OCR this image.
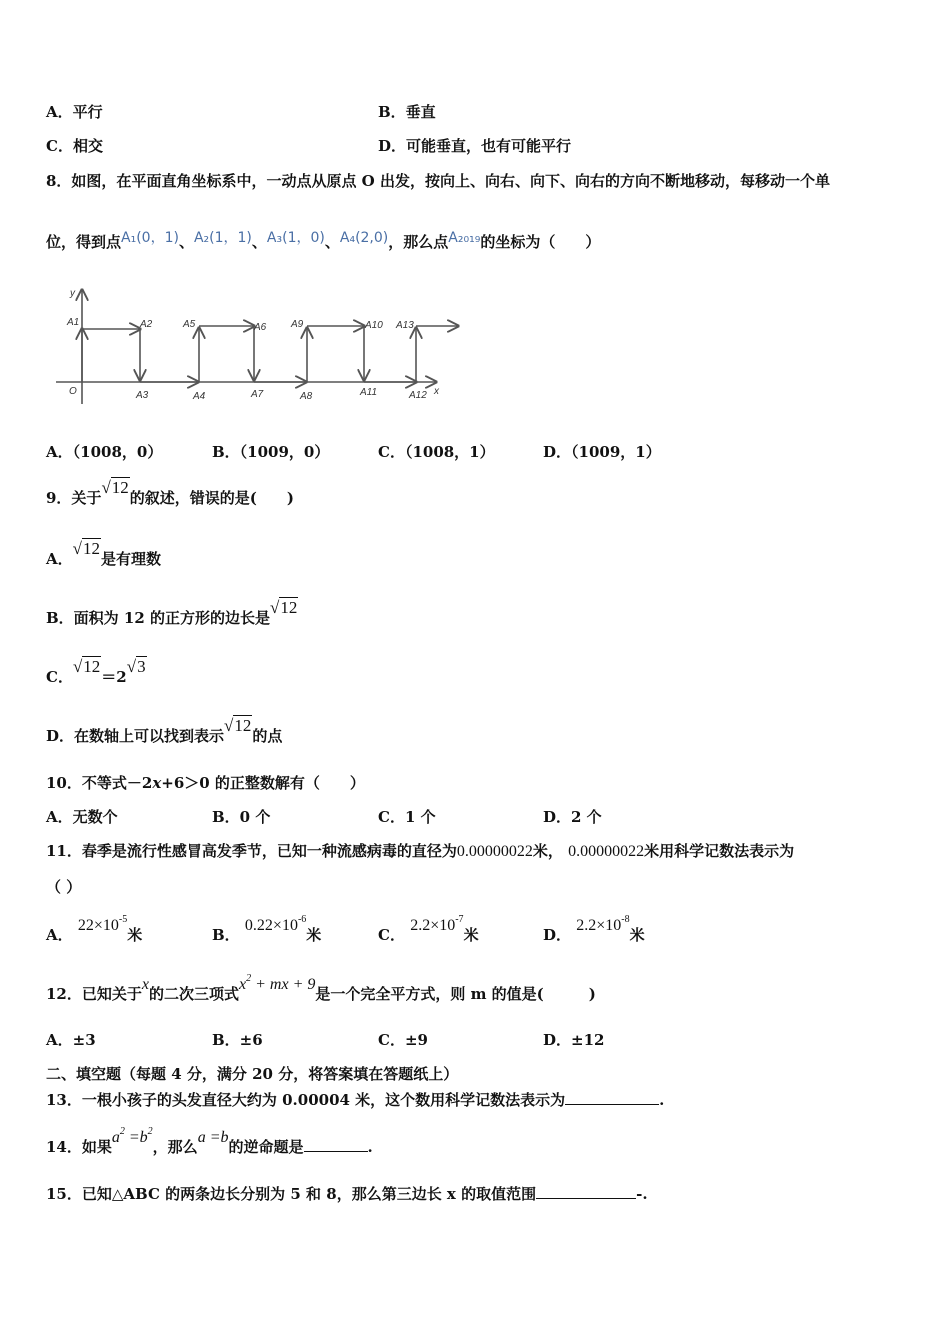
A．平行	B．垂直
C．相交	D．可能垂直，也有可能平行
8．如图，在平面直角坐标系中，一动点从原点 O 出发，按向上、向右、向下、向右的方向不断地移动，每移动一个单
位，得到点A₁(0，1)、A₂(1，1)、A₃(1，0)、A₄(2,0)，那么点A₂₀₁₉的坐标为（　　）
y
x
O
A1	A2	A5	A6 A9	A10 A13
A3	A4	A7	A8	A11	A12
A．（1008，0）	B．（1009，0）	C．（1008，1）	D．（1009，1）
9．关于√12的叙述，错误的是(　　)
A．√12是有理数
B．面积为 12 的正方形的边长是√12
C．√12＝2√3
D．在数轴上可以找到表示√12的点
10．不等式－2x+6＞0 的正整数解有（　　）
A．无数个	B．0 个	C．1 个	D．2 个
11．春季是流行性感冒高发季节，已知一种流感病毒的直径为0.00000022米， 0.00000022米用科学记数法表示为
（ ）
A． $22\times 10^{-5}$米	B． $0.22\times 10^{-6}$米	C． $2.2\times 10^{-7}$米	D． $2.2\times 10^{-8}$米
12．已知关于x的二次三项式$x^2$ + mx + 9是一个完全平方式，则 m 的值是(　　　)
A．±3	B．±6	C．±9	D．±12
二、填空题（每题 4 分，满分 20 分，将答案填在答题纸上）
13．一根小孩子的头发直径大约为 0.00004 米，这个数用科学记数法表示为	.
14．如果$a^2 =b^2$，那么a =b的逆命题是	.
15．已知△ABC 的两条边长分别为 5 和 8，那么第三边长 x 的取值范围	-.
